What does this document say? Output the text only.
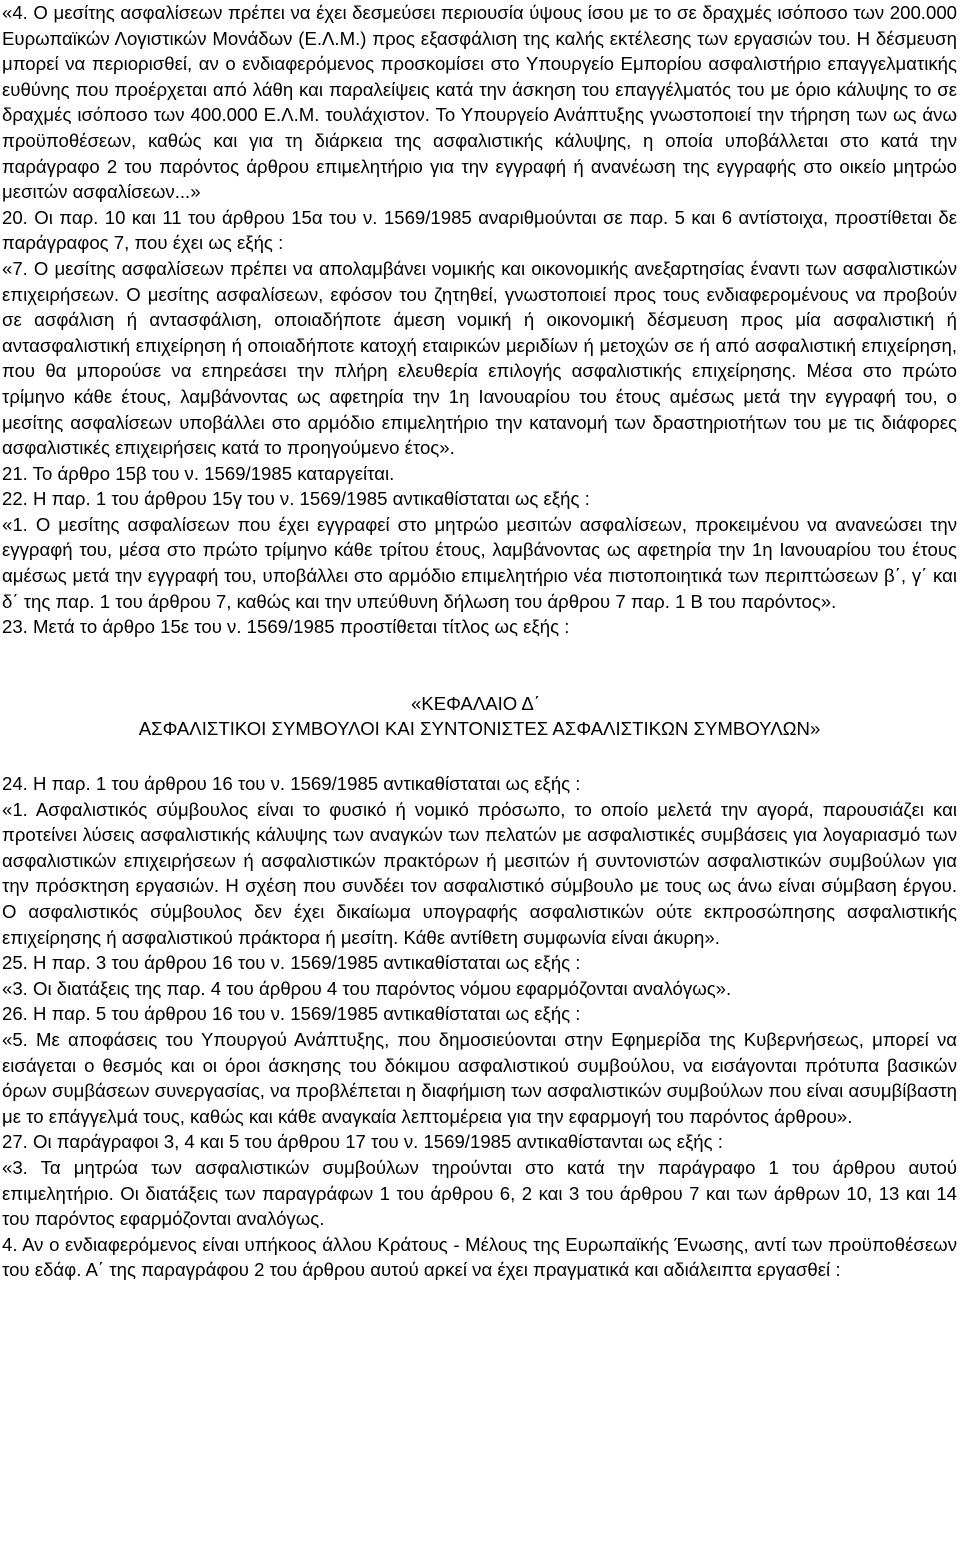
«4. Ο μεσίτης ασφαλίσεων πρέπει να έχει δεσμεύσει περιουσία ύψους ίσου με το σε δραχμές ισόποσο των 200.000 Ευρωπαϊκών Λογιστικών Μονάδων (Ε.Λ.Μ.) προς εξασφάλιση της καλής εκτέλεσης των εργασιών του. Η δέσμευση μπορεί να περιορισθεί, αν ο ενδιαφερόμενος προσκομίσει στο Υπουργείο Εμπορίου ασφαλιστήριο επαγγελματικής ευθύνης που προέρχεται από λάθη και παραλείψεις κατά την άσκηση του επαγγέλματός του με όριο κάλυψης το σε δραχμές ισόποσο των 400.000 Ε.Λ.Μ. τουλάχιστον. Το Υπουργείο Ανάπτυξης γνωστοποιεί την τήρηση των ως άνω προϋποθέσεων, καθώς και για τη διάρκεια της ασφαλιστικής κάλυψης, η οποία υποβάλλεται στο κατά την παράγραφο 2 του παρόντος άρθρου επιμελητήριο για την εγγραφή ή ανανέωση της εγγραφής στο οικείο μητρώο μεσιτών ασφαλίσεων...»

20. Οι παρ. 10 και 11 του άρθρου 15α του ν. 1569/1985 αναριθμούνται σε παρ. 5 και 6 αντίστοιχα, προστίθεται δε παράγραφος 7, που έχει ως εξής :

«7. Ο μεσίτης ασφαλίσεων πρέπει να απολαμβάνει νομικής και οικονομικής ανεξαρτησίας έναντι των ασφαλιστικών επιχειρήσεων. Ο μεσίτης ασφαλίσεων, εφόσον του ζητηθεί, γνωστοποιεί προς τους ενδιαφερομένους να προβούν σε ασφάλιση ή αντασφάλιση, οποιαδήποτε άμεση νομική ή οικονομική δέσμευση προς μία ασφαλιστική ή αντασφαλιστική επιχείρηση ή οποιαδήποτε κατοχή εταιρικών μεριδίων ή μετοχών σε ή από ασφαλιστική επιχείρηση, που θα μπορούσε να επηρεάσει την πλήρη ελευθερία επιλογής ασφαλιστικής επιχείρησης. Μέσα στο πρώτο τρίμηνο κάθε έτους, λαμβάνοντας ως αφετηρία την 1η Ιανουαρίου του έτους αμέσως μετά την εγγραφή του, ο μεσίτης ασφαλίσεων υποβάλλει στο αρμόδιο επιμελητήριο την κατανομή των δραστηριοτήτων του με τις διάφορες ασφαλιστικές επιχειρήσεις κατά το προηγούμενο έτος».

21. Το άρθρο 15β του ν. 1569/1985 καταργείται.

22. Η παρ. 1 του άρθρου 15γ του ν. 1569/1985 αντικαθίσταται ως εξής :

«1. Ο μεσίτης ασφαλίσεων που έχει εγγραφεί στο μητρώο μεσιτών ασφαλίσεων, προκειμένου να ανανεώσει την εγγραφή του, μέσα στο πρώτο τρίμηνο κάθε τρίτου έτους, λαμβάνοντας ως αφετηρία την 1η Ιανουαρίου του έτους αμέσως μετά την εγγραφή του, υποβάλλει στο αρμόδιο επιμελητήριο νέα πιστοποιητικά των περιπτώσεων β΄, γ΄ και δ΄ της παρ. 1 του άρθρου 7, καθώς και την υπεύθυνη δήλωση του άρθρου 7 παρ. 1 Β του παρόντος».

23. Μετά το άρθρο 15ε του ν. 1569/1985 προστίθεται τίτλος ως εξής :

«ΚΕΦΑΛΑΙΟ Δ΄

ΑΣΦΑΛΙΣΤΙΚΟΙ ΣΥΜΒΟΥΛΟΙ ΚΑΙ ΣΥΝΤΟΝΙΣΤΕΣ ΑΣΦΑΛΙΣΤΙΚΩΝ ΣΥΜΒΟΥΛΩΝ»

24. Η παρ. 1 του άρθρου 16 του ν. 1569/1985 αντικαθίσταται ως εξής :

«1. Ασφαλιστικός σύμβουλος είναι το φυσικό ή νομικό πρόσωπο, το οποίο μελετά την αγορά, παρουσιάζει και προτείνει λύσεις ασφαλιστικής κάλυψης των αναγκών των πελατών με ασφαλιστικές συμβάσεις για λογαριασμό των ασφαλιστικών επιχειρήσεων ή ασφαλιστικών πρακτόρων ή μεσιτών ή συντονιστών ασφαλιστικών συμβούλων για την πρόσκτηση εργασιών. Η σχέση που συνδέει τον ασφαλιστικό σύμβουλο με τους ως άνω είναι σύμβαση έργου. Ο ασφαλιστικός σύμβουλος δεν έχει δικαίωμα υπογραφής ασφαλιστικών ούτε εκπροσώπησης ασφαλιστικής επιχείρησης ή ασφαλιστικού πράκτορα ή μεσίτη. Κάθε αντίθετη συμφωνία είναι άκυρη».

25. Η παρ. 3 του άρθρου 16 του ν. 1569/1985 αντικαθίσταται ως εξής :

«3. Οι διατάξεις της παρ. 4 του άρθρου 4 του παρόντος νόμου εφαρμόζονται αναλόγως».

26. Η παρ. 5 του άρθρου 16 του ν. 1569/1985 αντικαθίσταται ως εξής :

«5. Με αποφάσεις του Υπουργού Ανάπτυξης, που δημοσιεύονται στην Εφημερίδα της Κυβερνήσεως, μπορεί να εισάγεται ο θεσμός και οι όροι άσκησης του δόκιμου ασφαλιστικού συμβούλου, να εισάγονται πρότυπα βασικών όρων συμβάσεων συνεργασίας, να προβλέπεται η διαφήμιση των ασφαλιστικών συμβούλων που είναι ασυμβίβαστη με το επάγγελμά τους, καθώς και κάθε αναγκαία λεπτομέρεια για την εφαρμογή του παρόντος άρθρου».

27. Οι παράγραφοι 3, 4 και 5 του άρθρου 17 του ν. 1569/1985 αντικαθίστανται ως εξής :

«3. Τα μητρώα των ασφαλιστικών συμβούλων τηρούνται στο κατά την παράγραφο 1 του άρθρου αυτού επιμελητήριο. Οι διατάξεις των παραγράφων 1 του άρθρου 6, 2 και 3 του άρθρου 7 και των άρθρων 10, 13 και 14 του παρόντος εφαρμόζονται αναλόγως.

4. Αν ο ενδιαφερόμενος είναι υπήκοος άλλου Κράτους - Μέλους της Ευρωπαϊκής Ένωσης, αντί των προϋποθέσεων του εδάφ. Α΄ της παραγράφου 2 του άρθρου αυτού αρκεί να έχει πραγματικά και αδιάλειπτα εργασθεί :
